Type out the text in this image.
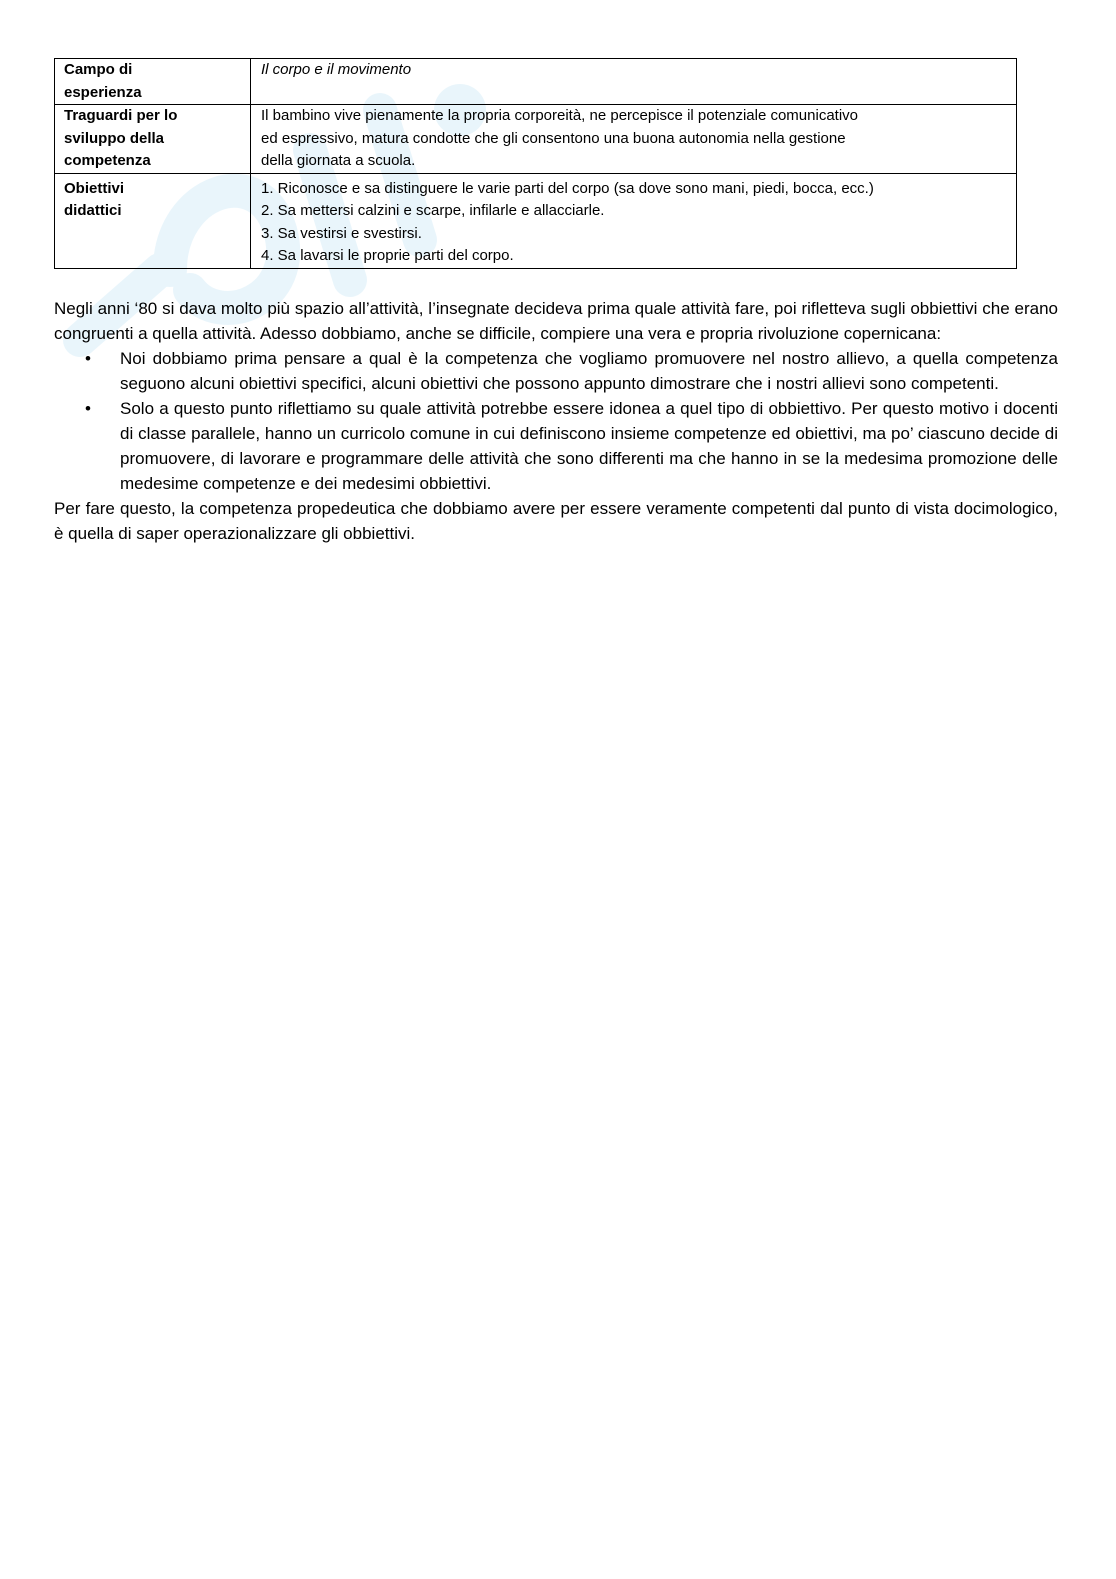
Campo di
esperienza	Il corpo e il movimento

Traguardi per lo
sviluppo della
competenza	Il bambino vive pienamente la propria corporeità, ne percepisce il potenziale comunicativo
ed espressivo, matura condotte che gli consentono una buona autonomia nella gestione
della giornata a scuola.

Obiettivi
didattici	1. Riconosce e sa distinguere le varie parti del corpo (sa dove sono mani, piedi, bocca, ecc.)
2. Sa mettersi calzini e scarpe, infilarle e allacciarle.
3. Sa vestirsi e svestirsi.
4. Sa lavarsi le proprie parti del corpo.

Negli anni ‘80 si dava molto più spazio all’attività, l’insegnate decideva prima quale attività fare, poi rifletteva sugli obbiettivi che erano congruenti a quella attività. Adesso dobbiamo, anche se difficile, compiere una vera e propria rivoluzione copernicana:

• Noi dobbiamo prima pensare a qual è la competenza che vogliamo promuovere nel nostro allievo, a quella competenza seguono alcuni obiettivi specifici, alcuni obiettivi che possono appunto dimostrare che i nostri allievi sono competenti.
• Solo a questo punto riflettiamo su quale attività potrebbe essere idonea a quel tipo di obbiettivo. Per questo motivo i docenti di classe parallele, hanno un curricolo comune in cui definiscono insieme competenze ed obiettivi, ma po’ ciascuno decide di promuovere, di lavorare e programmare delle attività che sono differenti ma che hanno in se la medesima promozione delle medesime competenze e dei medesimi obbiettivi.

Per fare questo, la competenza propedeutica che dobbiamo avere per essere veramente competenti dal punto di vista docimologico, è quella di saper operazionalizzare gli obbiettivi.
